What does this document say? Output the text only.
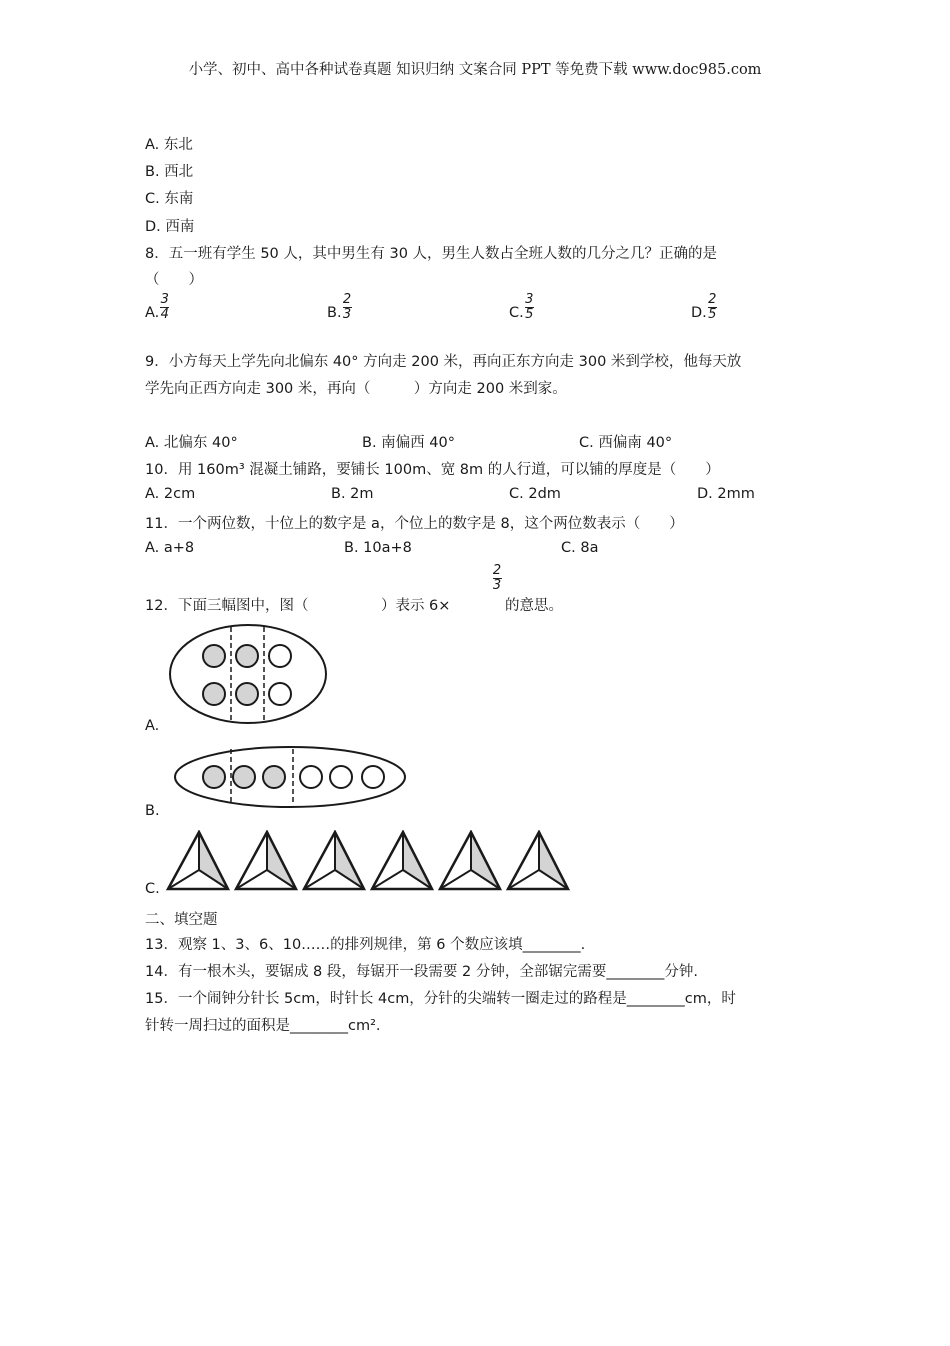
小学、初中、高中各种试卷真题 知识归纳 文案合同 PPT 等免费下载 www.doc985.com
A. 东北
B. 西北
C. 东南
D. 西南
8．五一班有学生 50 人，其中男生有 30 人，男生人数占全班人数的几分之几？正确的是
（　　）
A. $\frac{3}{4}$	B. $\frac{2}{3}$	C. $\frac{3}{5}$	D. $\frac{2}{5}$
9．小方每天上学先向北偏东 40° 方向走 200 米，再向正东方向走 300 米到学校，他每天放
学先向正西方向走 300 米，再向（　　　）方向走 200 米到家。
A. 北偏东 40°	B. 南偏西 40°	C. 西偏南 40°
10．用 160m³ 混凝土铺路，要铺长 100m、宽 8m 的人行道，可以铺的厚度是（　　）
A. 2cm	B. 2m	C. 2dm	D. 2mm
11．一个两位数，十位上的数字是 a，个位上的数字是 8，这个两位数表示（　　）
A. a+8	B. 10a+8	C. 8a
12．下面三幅图中，图（　　　　　）表示 6×
$\frac{2}{3}$
的意思。
A.
B.
C.
二、填空题
13．观察 1、3、6、10……的排列规律，第 6 个数应该填________.
14．有一根木头，要锯成 8 段，每锯开一段需要 2 分钟，全部锯完需要________分钟.
15．一个闹钟分针长 5cm，时针长 4cm，分针的尖端转一圈走过的路程是________cm，时
针转一周扫过的面积是________cm².
